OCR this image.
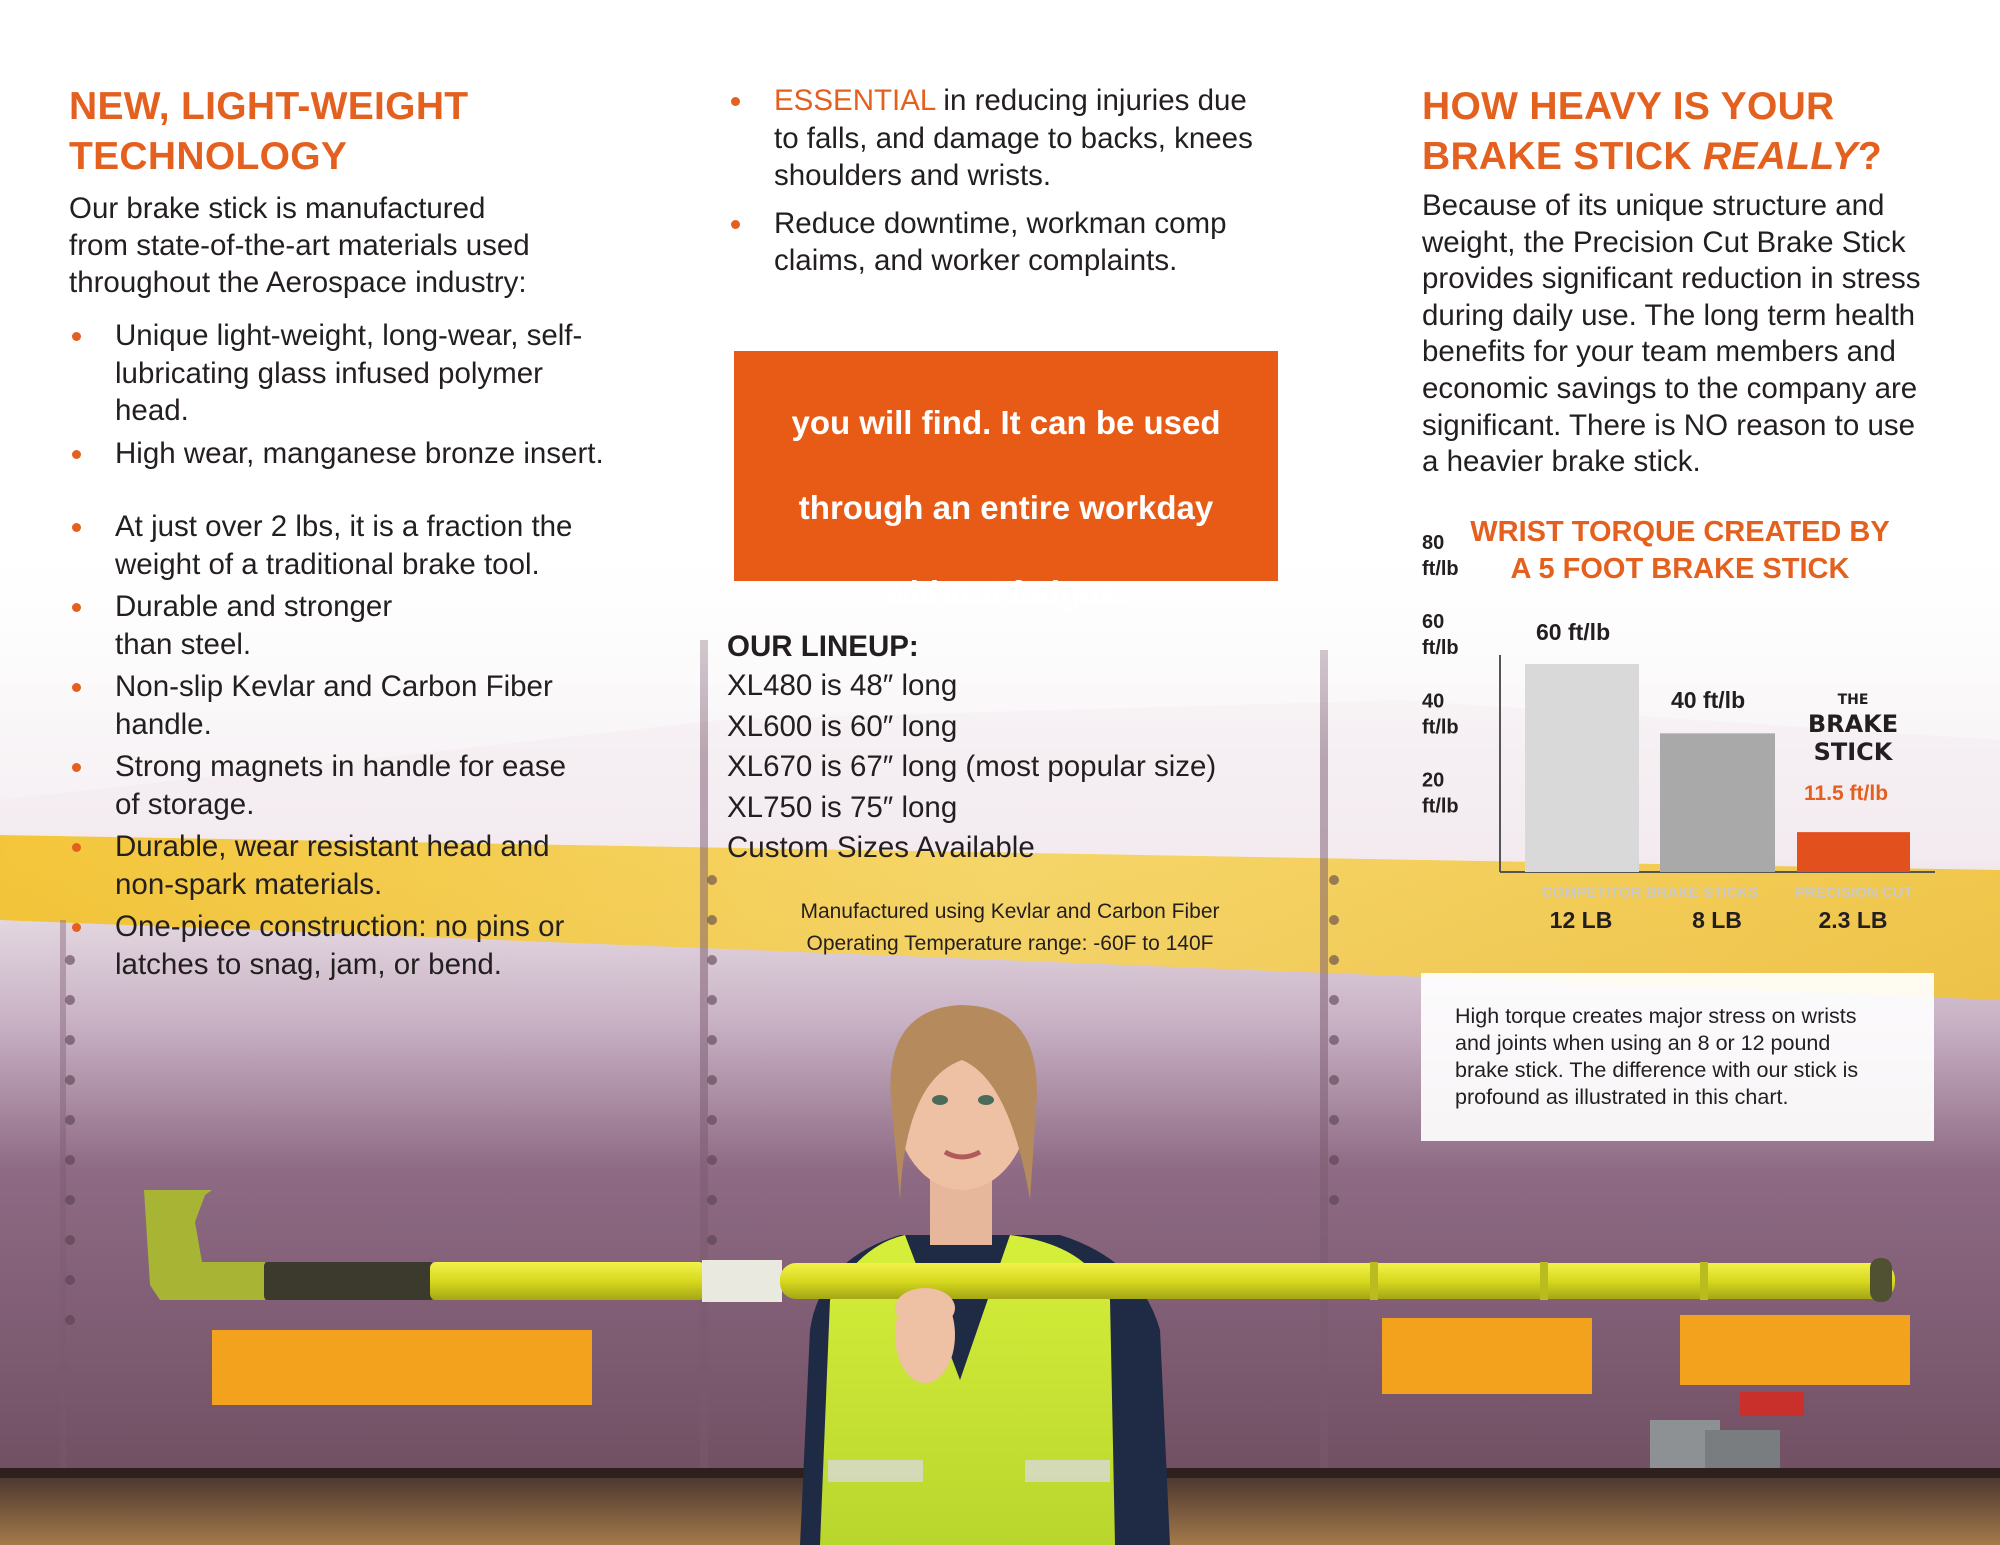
NEW, LIGHT-WEIGHT
TECHNOLOGY

Our brake stick is manufactured
from state-of-the-art materials used
throughout the Aerospace industry:

Unique light-weight, long-wear, self-
lubricating glass infused polymer
head.
High wear, manganese bronze insert.
At just over 2 lbs, it is a fraction the
weight of a traditional brake tool.
Durable and stronger
than steel.
Non-slip Kevlar and Carbon Fiber
handle.
Strong magnets in handle for ease
of storage.
Durable, wear resistant head and
non-spark materials.
One-piece construction: no pins or
latches to snag, jam, or bend.
ESSENTIAL in reducing injuries due
to falls, and damage to backs, knees
shoulders and wrists.
Reduce downtime, workman comp
claims, and worker complaints.
Our Brake Stick is the safest

you will find. It can be used

through an entire workday

without fatigue.
OUR LINEUP:
XL480 is 48″ long
XL600 is 60″ long
XL670 is 67″ long (most popular size)
XL750 is 75″ long
Custom Sizes Available
Manufactured using Kevlar and Carbon Fiber
Operating Temperature range: -60F to 140F
HOW HEAVY IS YOUR
BRAKE STICK REALLY?

Because of its unique structure and
weight, the Precision Cut Brake Stick
provides significant reduction in stress
during daily use. The long term health
benefits for your team members and
economic savings to the company are
significant. There is NO reason to use
a heavier brake stick.

WRIST TORQUE CREATED BY
A 5 FOOT BRAKE STICK
80
ft/lb
60
ft/lb
40
ft/lb
20
ft/lb
60 ft/lb
40 ft/lb
11.5 ft/lb
THE
BRAKE
STICK
COMPETITOR BRAKE STICKS PRECISION CUT
12 LB	8 LB	2.3 LB

High torque creates major stress on wrists
and joints when using an 8 or 12 pound
brake stick. The difference with our stick is
profound as illustrated in this chart.
